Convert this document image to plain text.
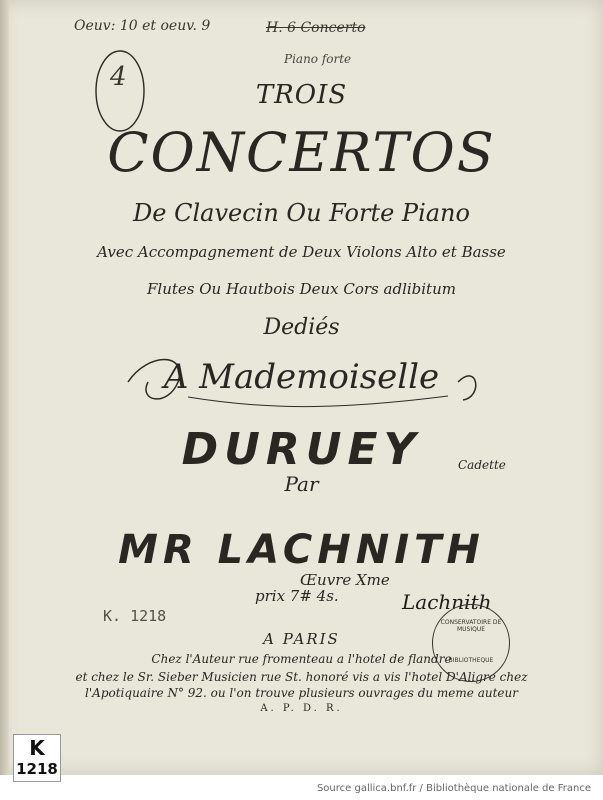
Oeuv: 10 et oeuv. 9	H. 6 Concerto
Piano forte
4
TROIS
CONCERTOS
De Clavecin Ou Forte Piano
Avec Accompagnement de Deux Violons Alto et Basse
Flutes Ou Hautbois Deux Cors adlibitum
Dediés
A Mademoiselle
DURUEY	Cadette
Par
MR LACHNITH
Œuvre Xme
prix 7# 4s.
K. 1218
Lachnith
CONSERVATOIRE DE MUSIQUE
BIBLIOTHEQUE
A PARIS
Chez l'Auteur rue fromenteau a l'hotel de flandre
et chez le Sr. Sieber Musicien rue St. honoré vis a vis l'hotel D'Aligre chez
l'Apotiquaire N° 92. ou l'on trouve plusieurs ouvrages du meme auteur
A. P. D. R.
K
1218
Source gallica.bnf.fr / Bibliothèque nationale de France
